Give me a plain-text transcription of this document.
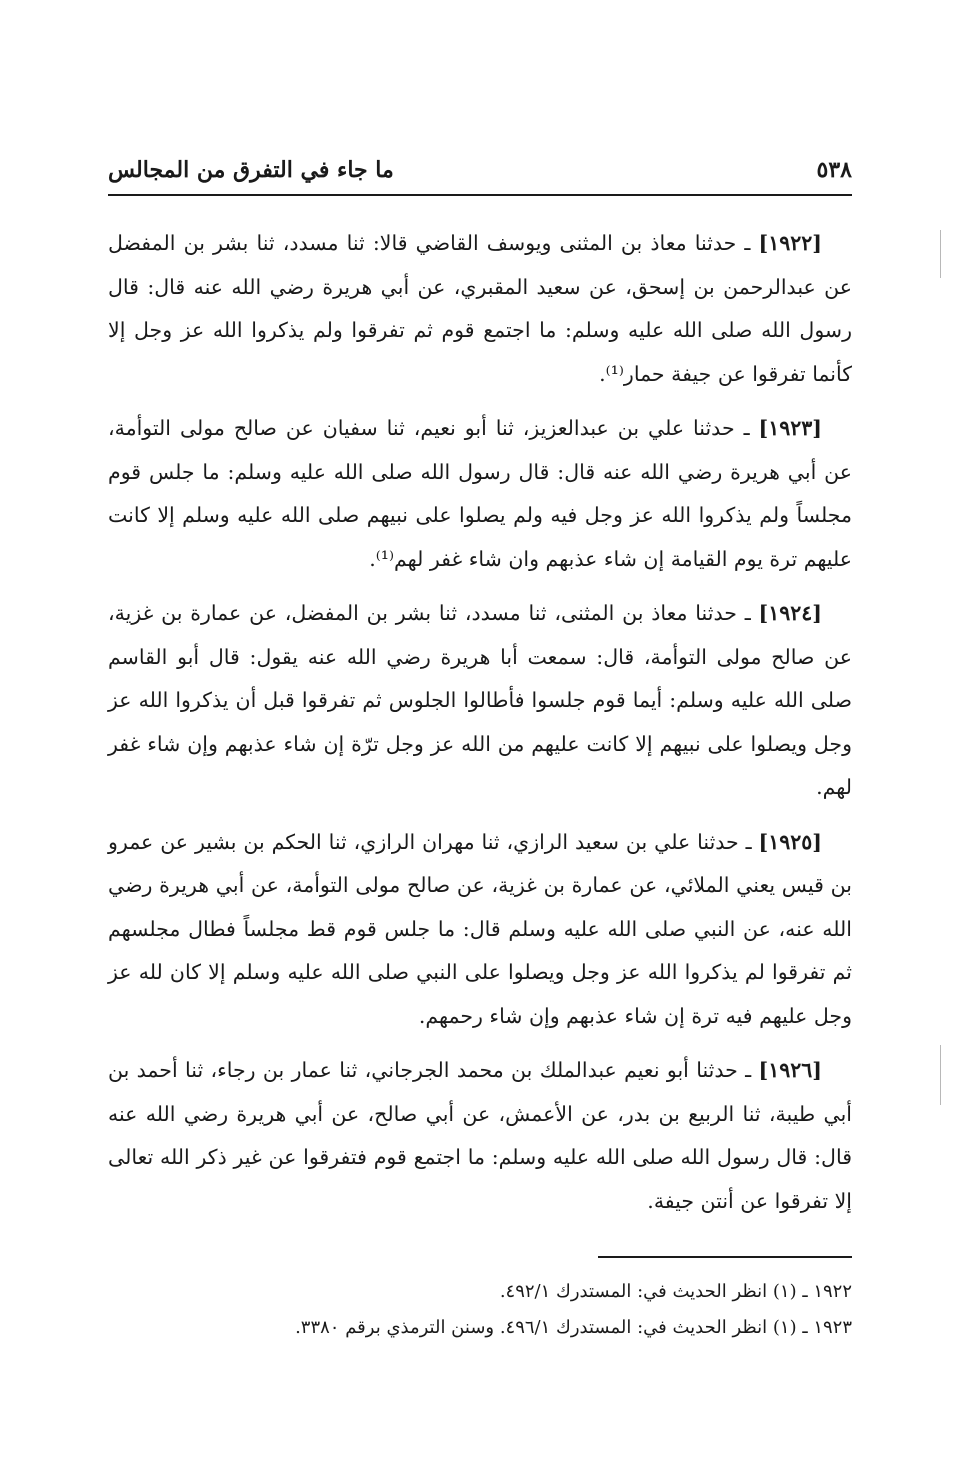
٥٣٨
ما جاء في التفرق من المجالس

[١٩٢٢] ـ حدثنا معاذ بن المثنى ويوسف القاضي قالا: ثنا مسدد، ثنا بشر بن المفضل عن عبدالرحمن بن إسحق، عن سعيد المقبري، عن أبي هريرة رضي الله عنه قال: قال رسول الله صلى الله عليه وسلم: ما اجتمع قوم ثم تفرقوا ولم يذكروا الله عز وجل إلا كأنما تفرقوا عن جيفة حمار⁽¹⁾.

[١٩٢٣] ـ حدثنا علي بن عبدالعزيز، ثنا أبو نعيم، ثنا سفيان عن صالح مولى التوأمة، عن أبي هريرة رضي الله عنه قال: قال رسول الله صلى الله عليه وسلم: ما جلس قوم مجلساً ولم يذكروا الله عز وجل فيه ولم يصلوا على نبيهم صلى الله عليه وسلم إلا كانت عليهم ترة يوم القيامة إن شاء عذبهم وان شاء غفر لهم⁽¹⁾.

[١٩٢٤] ـ حدثنا معاذ بن المثنى، ثنا مسدد، ثنا بشر بن المفضل، عن عمارة بن غزية، عن صالح مولى التوأمة، قال: سمعت أبا هريرة رضي الله عنه يقول: قال أبو القاسم صلى الله عليه وسلم: أيما قوم جلسوا فأطالوا الجلوس ثم تفرقوا قبل أن يذكروا الله عز وجل ويصلوا على نبيهم إلا كانت عليهم من الله عز وجل ترّة إن شاء عذبهم وإن شاء غفر لهم.

[١٩٢٥] ـ حدثنا علي بن سعيد الرازي، ثنا مهران الرازي، ثنا الحكم بن بشير عن عمرو بن قيس يعني الملائي، عن عمارة بن غزية، عن صالح مولى التوأمة، عن أبي هريرة رضي الله عنه، عن النبي صلى الله عليه وسلم قال: ما جلس قوم قط مجلساً فطال مجلسهم ثم تفرقوا لم يذكروا الله عز وجل ويصلوا على النبي صلى الله عليه وسلم إلا كان لله عز وجل عليهم فيه ترة إن شاء عذبهم وإن شاء رحمهم.

[١٩٢٦] ـ حدثنا أبو نعيم عبدالملك بن محمد الجرجاني، ثنا عمار بن رجاء، ثنا أحمد بن أبي طيبة، ثنا الربيع بن بدر، عن الأعمش، عن أبي صالح، عن أبي هريرة رضي الله عنه قال: قال رسول الله صلى الله عليه وسلم: ما اجتمع قوم فتفرقوا عن غير ذكر الله تعالى إلا تفرقوا عن أنتن جيفة.

١٩٢٢ ـ (١) انظر الحديث في: المستدرك ٤٩٢/١.

١٩٢٣ ـ (١) انظر الحديث في: المستدرك ٤٩٦/١. وسنن الترمذي برقم ٣٣٨٠.
